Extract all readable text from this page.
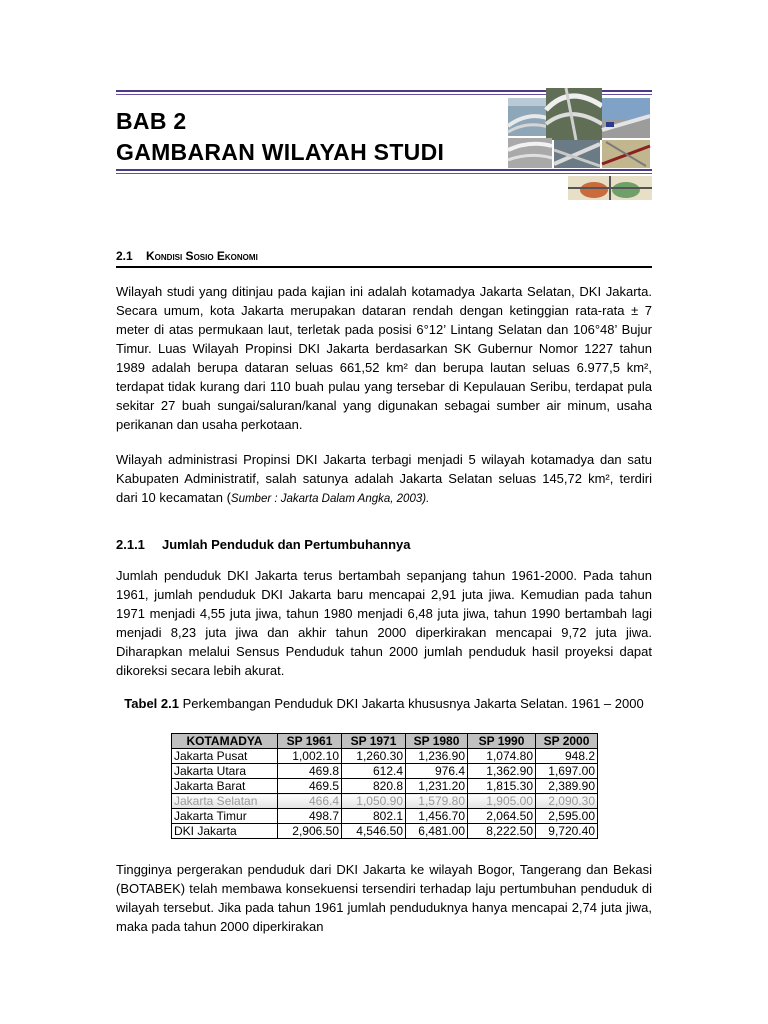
BAB 2
GAMBARAN WILAYAH STUDI
2.1 Kondisi Sosio Ekonomi
Wilayah studi yang ditinjau pada kajian ini adalah kotamadya Jakarta Selatan, DKI Jakarta. Secara umum, kota Jakarta merupakan dataran rendah dengan ketinggian rata-rata ± 7 meter di atas permukaan laut, terletak pada posisi 6°12’ Lintang Selatan dan 106°48’ Bujur Timur. Luas Wilayah Propinsi DKI Jakarta berdasarkan SK Gubernur Nomor 1227 tahun 1989 adalah berupa dataran seluas 661,52 km² dan berupa lautan seluas 6.977,5 km², terdapat tidak kurang dari 110 buah pulau yang tersebar di Kepulauan Seribu, terdapat pula sekitar 27 buah sungai/saluran/kanal yang digunakan sebagai sumber air minum, usaha perikanan dan usaha perkotaan.
Wilayah administrasi Propinsi DKI Jakarta terbagi menjadi 5 wilayah kotamadya dan satu Kabupaten Administratif, salah satunya adalah Jakarta Selatan seluas 145,72 km², terdiri dari 10 kecamatan (Sumber : Jakarta Dalam Angka, 2003).
2.1.1 Jumlah Penduduk dan Pertumbuhannya
Jumlah penduduk DKI Jakarta terus bertambah sepanjang tahun 1961-2000. Pada tahun 1961, jumlah penduduk DKI Jakarta baru mencapai 2,91 juta jiwa. Kemudian pada tahun 1971 menjadi 4,55 juta jiwa, tahun 1980 menjadi 6,48 juta jiwa, tahun 1990 bertambah lagi menjadi 8,23 juta jiwa dan akhir tahun 2000 diperkirakan mencapai 9,72 juta jiwa. Diharapkan melalui Sensus Penduduk tahun 2000 jumlah penduduk hasil proyeksi dapat dikoreksi secara lebih akurat.
Tabel 2.1 Perkembangan Penduduk DKI Jakarta khususnya Jakarta Selatan. 1961 – 2000
KOTAMADYA	SP 1961	SP 1971	SP 1980	SP 1990	SP 2000
Jakarta Pusat	1,002.10	1,260.30	1,236.90	1,074.80	948.2
Jakarta Utara	469.8	612.4	976.4	1,362.90	1,697.00
Jakarta Barat	469.5	820.8	1,231.20	1,815.30	2,389.90
Jakarta Selatan	466.4	1,050.90	1,579.80	1,905.00	2,090.30
Jakarta Timur	498.7	802.1	1,456.70	2,064.50	2,595.00
DKI Jakarta	2,906.50	4,546.50	6,481.00	8,222.50	9,720.40
Tingginya pergerakan penduduk dari DKI Jakarta ke wilayah Bogor, Tangerang dan Bekasi (BOTABEK) telah membawa konsekuensi tersendiri terhadap laju pertumbuhan penduduk di wilayah tersebut. Jika pada tahun 1961 jumlah penduduknya hanya mencapai 2,74 juta jiwa, maka pada tahun 2000 diperkirakan
